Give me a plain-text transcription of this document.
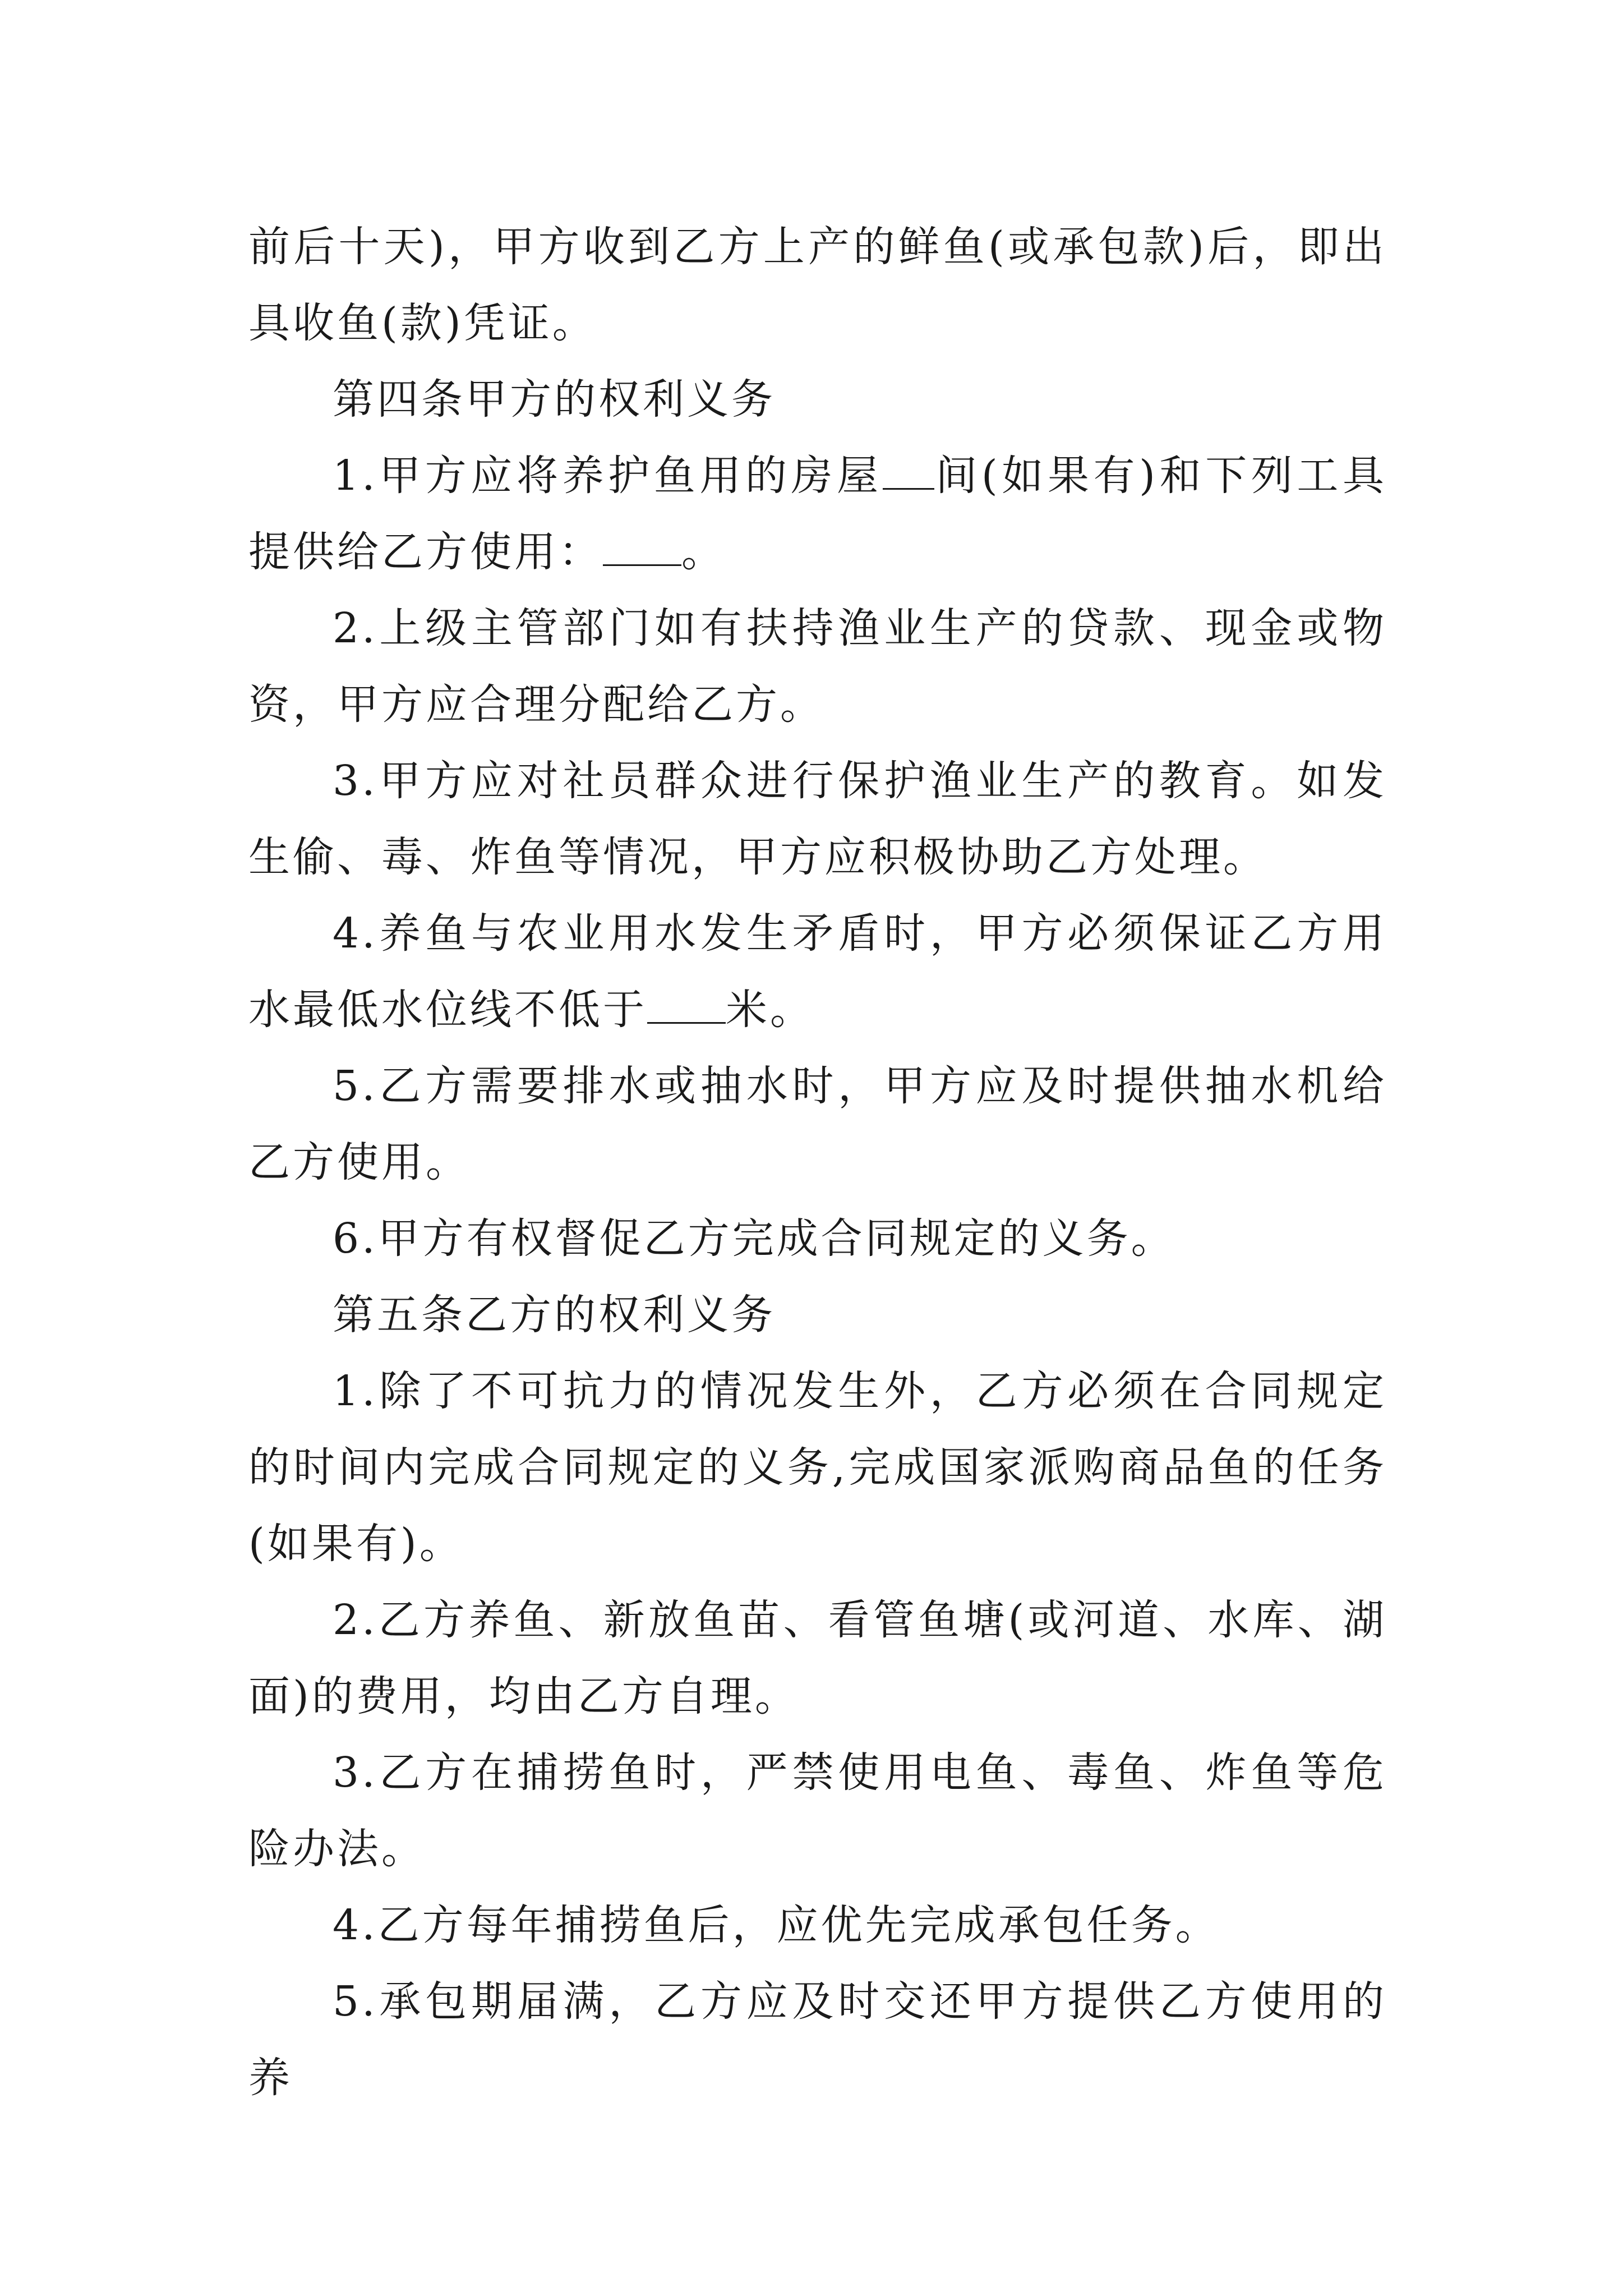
前后十天)，甲方收到乙方上产的鲜鱼(或承包款)后，即出具收鱼(款)凭证。

第四条甲方的权利义务

1.甲方应将养护鱼用的房屋 间(如果有)和下列工具提供给乙方使用： 。

2.上级主管部门如有扶持渔业生产的贷款、现金或物资，甲方应合理分配给乙方。

3.甲方应对社员群众进行保护渔业生产的教育。如发生偷、毒、炸鱼等情况，甲方应积极协助乙方处理。

4.养鱼与农业用水发生矛盾时，甲方必须保证乙方用水最低水位线不低于 米。

5.乙方需要排水或抽水时，甲方应及时提供抽水机给乙方使用。

6.甲方有权督促乙方完成合同规定的义务。

第五条乙方的权利义务

1.除了不可抗力的情况发生外，乙方必须在合同规定的时间内完成合同规定的义务,完成国家派购商品鱼的任务(如果有)。

2.乙方养鱼、新放鱼苗、看管鱼塘(或河道、水库、湖面)的费用，均由乙方自理。

3.乙方在捕捞鱼时，严禁使用电鱼、毒鱼、炸鱼等危险办法。

4.乙方每年捕捞鱼后，应优先完成承包任务。

5.承包期届满，乙方应及时交还甲方提供乙方使用的养
